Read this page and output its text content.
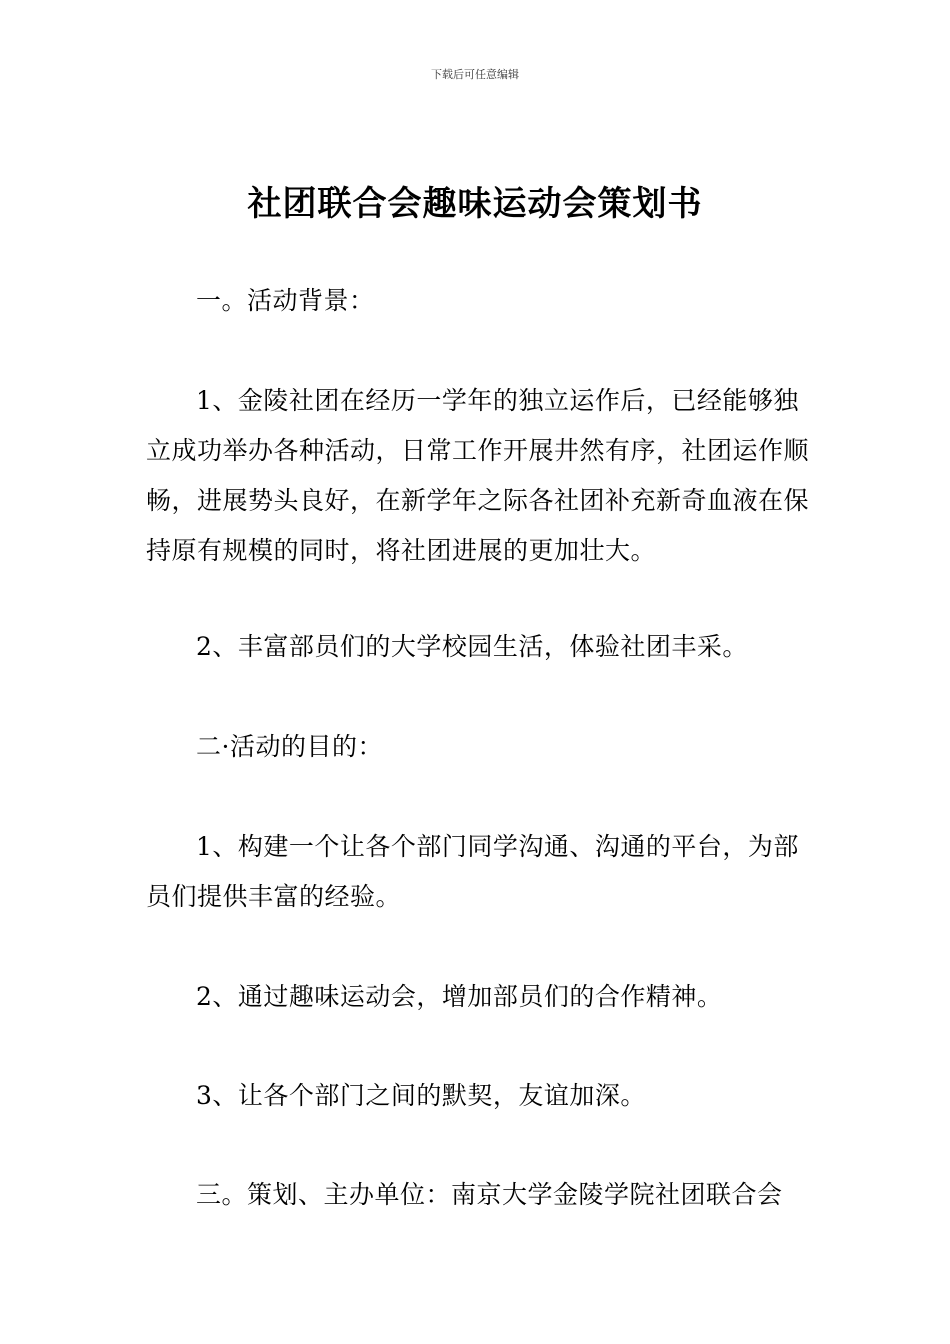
下载后可任意编辑
社团联合会趣味运动会策划书

一。活动背景：

1、金陵社团在经历一学年的独立运作后，已经能够独立成功举办各种活动，日常工作开展井然有序，社团运作顺畅，进展势头良好，在新学年之际各社团补充新奇血液在保持原有规模的同时，将社团进展的更加壮大。

2、丰富部员们的大学校园生活，体验社团丰采。

二·活动的目的：

1、构建一个让各个部门同学沟通、沟通的平台，为部员们提供丰富的经验。

2、通过趣味运动会，增加部员们的合作精神。

3、让各个部门之间的默契，友谊加深。

三。策划、主办单位：南京大学金陵学院社团联合会
